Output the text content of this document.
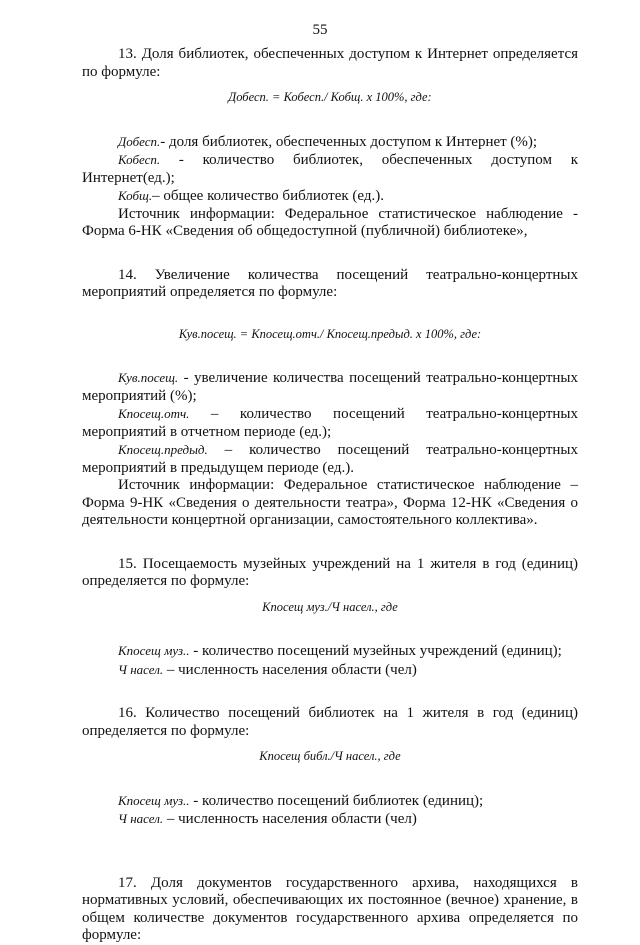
55

13. Доля библиотек, обеспеченных доступом к Интернет определяется по формуле:

Добесп. = Кобесп./ Кобщ. х 100%, где:

Добесп.- доля библиотек, обеспеченных доступом к Интернет (%);

Кобесп. - количество библиотек, обеспеченных доступом к Интернет(ед.);

Кобщ.– общее количество библиотек (ед.).

Источник информации: Федеральное статистическое наблюдение - Форма 6-НК «Сведения об общедоступной (публичной) библиотеке»,

14. Увеличение количества посещений театрально-концертных мероприятий определяется по формуле:

Кув.посещ. = Кпосещ.отч./ Кпосещ.предыд. х 100%, где:

Кув.посещ. - увеличение количества посещений театрально-концертных мероприятий (%);

Кпосещ.отч. – количество посещений театрально-концертных мероприятий в отчетном периоде (ед.);

Кпосещ.предыд. – количество посещений театрально-концертных мероприятий в предыдущем периоде (ед.).

Источник информации: Федеральное статистическое наблюдение – Форма 9-НК «Сведения о деятельности театра», Форма 12-НК «Сведения о деятельности концертной организации, самостоятельного коллектива».

15. Посещаемость музейных учреждений на 1 жителя в год (единиц) определяется по формуле:

Кпосещ муз./Ч насел., где

Кпосещ муз.. - количество посещений музейных учреждений (единиц);

Ч насел. – численность населения области (чел)

16. Количество посещений библиотек на 1 жителя в год (единиц) определяется по формуле:

Кпосещ библ./Ч насел., где

Кпосещ муз.. - количество посещений библиотек (единиц);

Ч насел. – численность населения области (чел)

17. Доля документов государственного архива, находящихся в нормативных условий, обеспечивающих их постоянное (вечное) хранение, в общем количестве документов государственного архива определяется по формуле:
